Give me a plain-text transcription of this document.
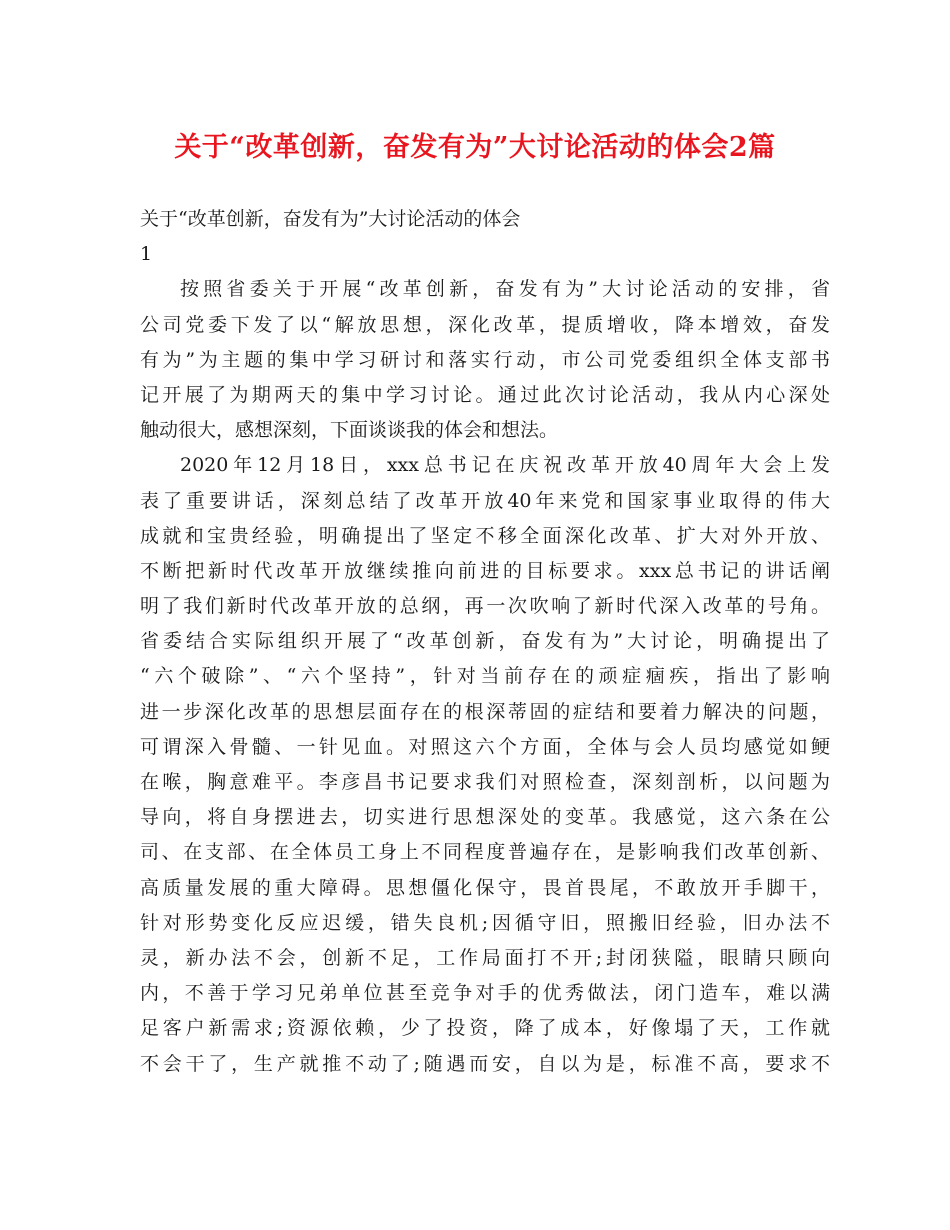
关于“改革创新，奋发有为”大讨论活动的体会2篇
关于“改革创新，奋发有为”大讨论活动的体会
1
按照省委关于开展“改革创新，奋发有为”大讨论活动的安排，省
公司党委下发了以“解放思想，深化改革，提质增收，降本增效，奋发
有为”为主题的集中学习研讨和落实行动，市公司党委组织全体支部书
记开展了为期两天的集中学习讨论。通过此次讨论活动，我从内心深处
触动很大，感想深刻，下面谈谈我的体会和想法。
2020年12月18日，xxx总书记在庆祝改革开放40周年大会上发
表了重要讲话，深刻总结了改革开放40年来党和国家事业取得的伟大
成就和宝贵经验，明确提出了坚定不移全面深化改革、扩大对外开放、
不断把新时代改革开放继续推向前进的目标要求。xxx总书记的讲话阐
明了我们新时代改革开放的总纲，再一次吹响了新时代深入改革的号角。
省委结合实际组织开展了“改革创新，奋发有为”大讨论，明确提出了
“六个破除”、“六个坚持”，针对当前存在的顽症痼疾，指出了影响
进一步深化改革的思想层面存在的根深蒂固的症结和要着力解决的问题，
可谓深入骨髓、一针见血。对照这六个方面，全体与会人员均感觉如鲠
在喉，胸意难平。李彦昌书记要求我们对照检查，深刻剖析，以问题为
导向，将自身摆进去，切实进行思想深处的变革。我感觉，这六条在公
司、在支部、在全体员工身上不同程度普遍存在，是影响我们改革创新、
高质量发展的重大障碍。思想僵化保守，畏首畏尾，不敢放开手脚干，
针对形势变化反应迟缓，错失良机;因循守旧，照搬旧经验，旧办法不
灵，新办法不会，创新不足，工作局面打不开;封闭狭隘，眼睛只顾向
内，不善于学习兄弟单位甚至竞争对手的优秀做法，闭门造车，难以满
足客户新需求;资源依赖，少了投资，降了成本，好像塌了天，工作就
不会干了，生产就推不动了;随遇而安，自以为是，标准不高，要求不
